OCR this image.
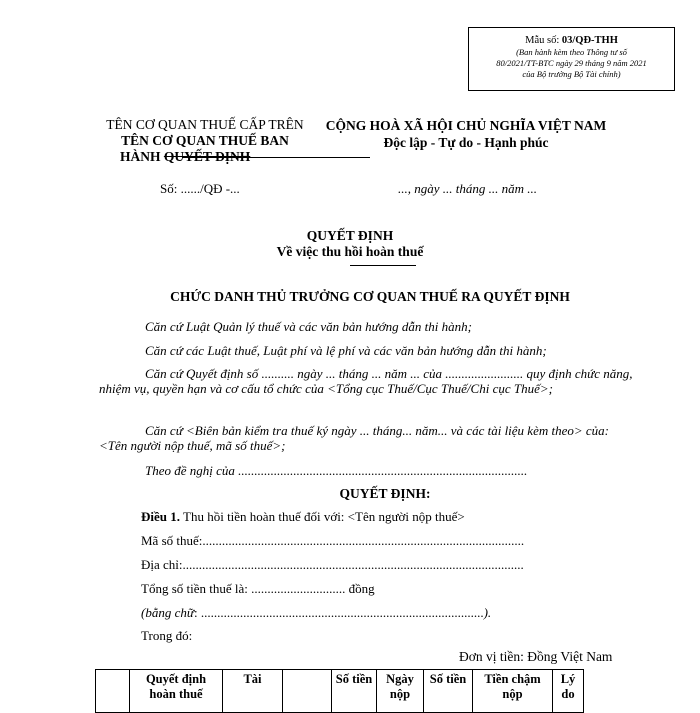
Mẫu số: 03/QĐ-THH
(Ban hành kèm theo Thông tư số
80/2021/TT-BTC ngày 29 tháng 9 năm 2021
của Bộ trưởng Bộ Tài chính)
TÊN CƠ QUAN THUẾ CẤP TRÊN
TÊN CƠ QUAN THUẾ BAN
HÀNH QUYẾT ĐỊNH
CỘNG HOÀ XÃ HỘI CHỦ NGHĨA VIỆT NAM
Độc lập - Tự do - Hạnh phúc
Số: ....../QĐ -...	..., ngày ... tháng ... năm ...
QUYẾT ĐỊNH
Về việc thu hồi hoàn thuế
CHỨC DANH THỦ TRƯỞNG CƠ QUAN THUẾ RA QUYẾT ĐỊNH
Căn cứ Luật Quản lý thuế và các văn bản hướng dẫn thi hành;
Căn cứ các Luật thuế, Luật phí và lệ phí và các văn bản hướng dẫn thi hành;
Căn cứ Quyết định số .......... ngày ... tháng ... năm ... của ........................ quy định chức năng, nhiệm vụ, quyền hạn và cơ cấu tổ chức của <Tổng cục Thuế/Cục Thuế/Chi cục Thuế>;
Căn cứ <Biên bản kiểm tra thuế ký ngày ... tháng... năm... và các tài liệu kèm theo> của: <Tên người nộp thuế, mã số thuế>;
Theo đề nghị của .........................................................................................
QUYẾT ĐỊNH:
Điều 1. Thu hồi tiền hoàn thuế đối với: <Tên người nộp thuế>
Mã số thuế:...................................................................................................
Địa chỉ:.........................................................................................................
Tổng số tiền thuế là: ............................. đồng
(bằng chữ: .......................................................................................).
Trong đó:
Đơn vị tiền: Đồng Việt Nam
	Quyết định hoàn thuế	Tài		Số tiền	Ngày nộp	Số tiền	Tiền chậm nộp	Lý do
